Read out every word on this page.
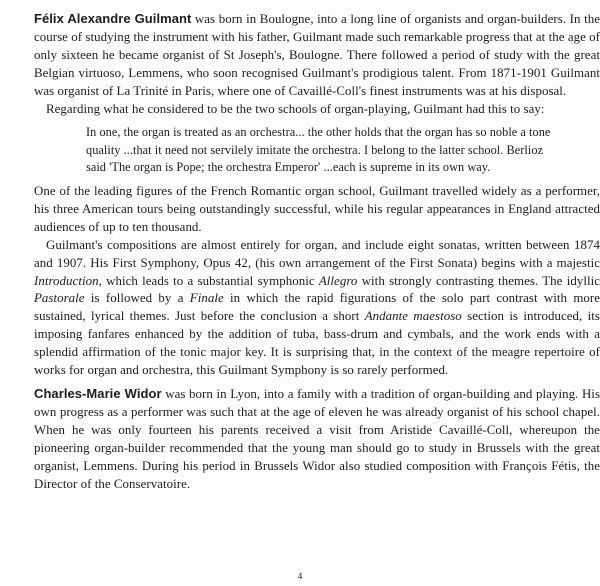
Félix Alexandre Guilmant was born in Boulogne, into a long line of organists and organ-builders. In the course of studying the instrument with his father, Guilmant made such remarkable progress that at the age of only sixteen he became organist of St Joseph's, Boulogne. There followed a period of study with the great Belgian virtuoso, Lemmens, who soon recognised Guilmant's prodigious talent. From 1871-1901 Guilmant was organist of La Trinité in Paris, where one of Cavaillé-Coll's finest instruments was at his disposal.

Regarding what he considered to be the two schools of organ-playing, Guilmant had this to say:

In one, the organ is treated as an orchestra... the other holds that the organ has so noble a tone quality ...that it need not servilely imitate the orchestra. I belong to the latter school. Berlioz said 'The organ is Pope; the orchestra Emperor' ...each is supreme in its own way.

One of the leading figures of the French Romantic organ school, Guilmant travelled widely as a performer, his three American tours being outstandingly successful, while his regular appearances in England attracted audiences of up to ten thousand.

Guilmant's compositions are almost entirely for organ, and include eight sonatas, written between 1874 and 1907. His First Symphony, Opus 42, (his own arrangement of the First Sonata) begins with a majestic Introduction, which leads to a substantial symphonic Allegro with strongly contrasting themes. The idyllic Pastorale is followed by a Finale in which the rapid figurations of the solo part contrast with more sustained, lyrical themes. Just before the conclusion a short Andante maestoso section is introduced, its imposing fanfares enhanced by the addition of tuba, bass-drum and cymbals, and the work ends with a splendid affirmation of the tonic major key. It is surprising that, in the context of the meagre repertoire of works for organ and orchestra, this Guilmant Symphony is so rarely performed.

Charles-Marie Widor was born in Lyon, into a family with a tradition of organ-building and playing. His own progress as a performer was such that at the age of eleven he was already organist of his school chapel. When he was only fourteen his parents received a visit from Aristide Cavaillé-Coll, whereupon the pioneering organ-builder recommended that the young man should go to study in Brussels with the great organist, Lemmens. During his period in Brussels Widor also studied composition with François Fétis, the Director of the Conservatoire.

4
